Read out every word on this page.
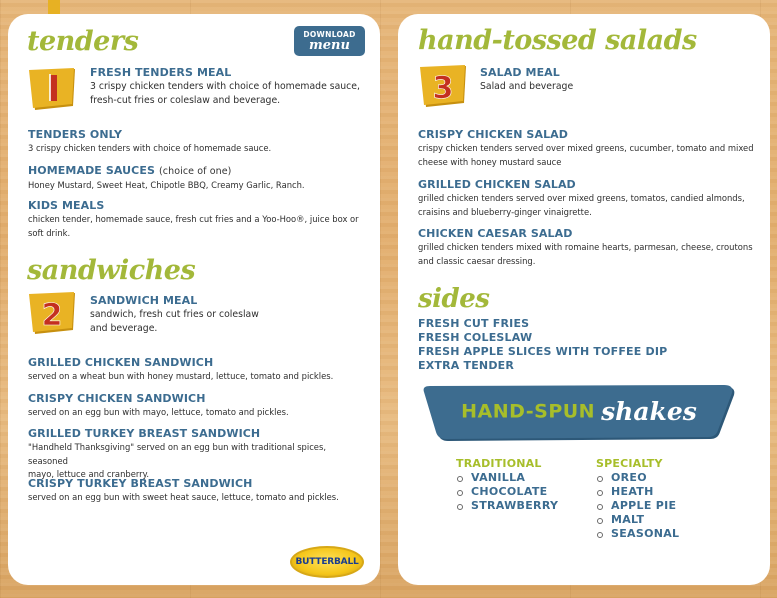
tenders	DOWNLOAD
menu
FRESH TENDERS MEAL
3 crispy chicken tenders with choice of homemade sauce,
fresh-cut fries or coleslaw and beverage.
TENDERS ONLY
3 crispy chicken tenders with choice of homemade sauce.
HOMEMADE SAUCES (choice of one)
Honey Mustard, Sweet Heat, Chipotle BBQ, Creamy Garlic, Ranch.
KIDS MEALS
chicken tender, homemade sauce, fresh cut fries and a Yoo-Hoo®, juice box or
soft drink.
sandwiches
2	SANDWICH MEAL
sandwich, fresh cut fries or coleslaw
and beverage.
GRILLED CHICKEN SANDWICH
served on a wheat bun with honey mustard, lettuce, tomato and pickles.
CRISPY CHICKEN SANDWICH
served on an egg bun with mayo, lettuce, tomato and pickles.
GRILLED TURKEY BREAST SANDWICH
"Handheld Thanksgiving" served on an egg bun with traditional spices, seasoned
mayo, lettuce and cranberry.
CRISPY TURKEY BREAST SANDWICH
served on an egg bun with sweet heat sauce, lettuce, tomato and pickles.
BUTTERBALL
hand-tossed salads
3 SALAD MEAL
Salad and beverage
CRISPY CHICKEN SALAD
crispy chicken tenders served over mixed greens, cucumber, tomato and mixed
cheese with honey mustard sauce
GRILLED CHICKEN SALAD
grilled chicken tenders served over mixed greens, tomatos, candied almonds,
craisins and blueberry-ginger vinaigrette.
CHICKEN CAESAR SALAD
grilled chicken tenders mixed with romaine hearts, parmesan, cheese, croutons
and classic caesar dressing.
sides
FRESH CUT FRIES
FRESH COLESLAW
FRESH APPLE SLICES WITH TOFFEE DIP
EXTRA TENDER
HAND-SPUN shakes
TRADITIONAL
VANILLA
CHOCOLATE
STRAWBERRY
SPECIALTY
OREO
HEATH
APPLE PIE
MALT
SEASONAL
